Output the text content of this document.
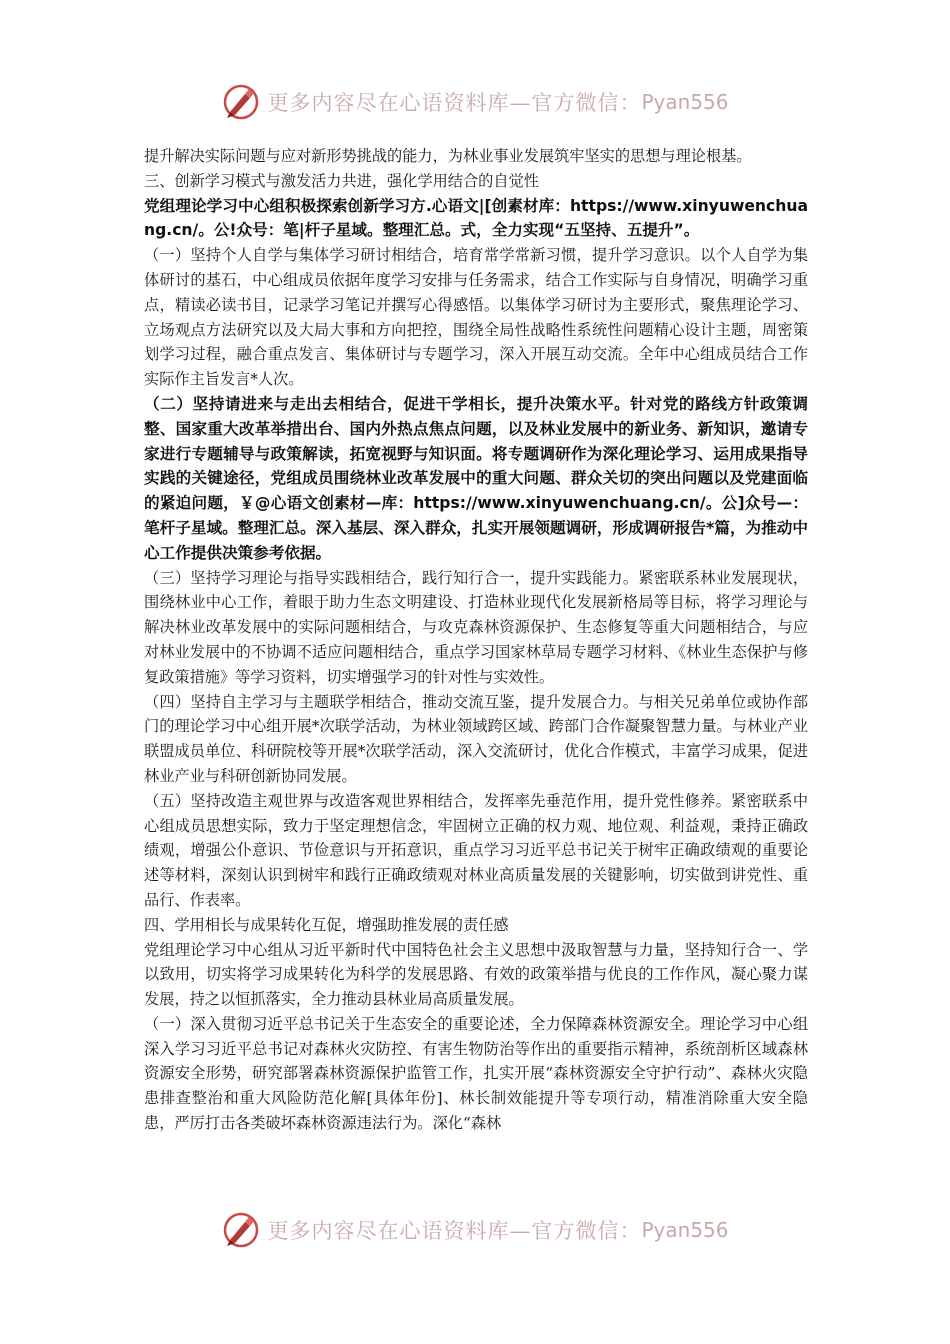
更多内容尽在心语资料库—官方微信： Pyan556

提升解决实际问题与应对新形势挑战的能力，为林业事业发展筑牢坚实的思想与理论根基。

三、创新学习模式与激发活力共进，强化学用结合的自觉性

党组理论学习中心组积极探索创新学习方.心语文|[创素材库：https://www.xinyuwenchuang.cn/。公!众号：笔|杆子星域。整理汇总。式，全力实现“五坚持、五提升”。

（一）坚持个人自学与集体学习研讨相结合，培育常学常新习惯，提升学习意识。以个人自学为集体研讨的基石，中心组成员依据年度学习安排与任务需求，结合工作实际与自身情况，明确学习重点，精读必读书目，记录学习笔记并撰写心得感悟。以集体学习研讨为主要形式，聚焦理论学习、立场观点方法研究以及大局大事和方向把控，围绕全局性战略性系统性问题精心设计主题，周密策划学习过程，融合重点发言、集体研讨与专题学习，深入开展互动交流。全年中心组成员结合工作实际作主旨发言*人次。

（二）坚持请进来与走出去相结合，促进干学相长，提升决策水平。针对党的路线方针政策调整、国家重大改革举措出台、国内外热点焦点问题，以及林业发展中的新业务、新知识，邀请专家进行专题辅导与政策解读，拓宽视野与知识面。将专题调研作为深化理论学习、运用成果指导实践的关键途径，党组成员围绕林业改革发展中的重大问题、群众关切的突出问题以及党建面临的紧迫问题，￥@心语文创素材—库：https://www.xinyuwenchuang.cn/。公]众号—：笔杆子星域。整理汇总。深入基层、深入群众，扎实开展领题调研，形成调研报告*篇，为推动中心工作提供决策参考依据。

（三）坚持学习理论与指导实践相结合，践行知行合一，提升实践能力。紧密联系林业发展现状，围绕林业中心工作，着眼于助力生态文明建设、打造林业现代化发展新格局等目标，将学习理论与解决林业改革发展中的实际问题相结合，与攻克森林资源保护、生态修复等重大问题相结合，与应对林业发展中的不协调不适应问题相结合，重点学习国家林草局专题学习材料、《林业生态保护与修复政策措施》等学习资料，切实增强学习的针对性与实效性。

（四）坚持自主学习与主题联学相结合，推动交流互鉴，提升发展合力。与相关兄弟单位或协作部门的理论学习中心组开展*次联学活动，为林业领域跨区域、跨部门合作凝聚智慧力量。与林业产业联盟成员单位、科研院校等开展*次联学活动，深入交流研讨，优化合作模式，丰富学习成果，促进林业产业与科研创新协同发展。

（五）坚持改造主观世界与改造客观世界相结合，发挥率先垂范作用，提升党性修养。紧密联系中心组成员思想实际，致力于坚定理想信念，牢固树立正确的权力观、地位观、利益观，秉持正确政绩观，增强公仆意识、节俭意识与开拓意识，重点学习习近平总书记关于树牢正确政绩观的重要论述等材料，深刻认识到树牢和践行正确政绩观对林业高质量发展的关键影响，切实做到讲党性、重品行、作表率。

四、学用相长与成果转化互促，增强助推发展的责任感

党组理论学习中心组从习近平新时代中国特色社会主义思想中汲取智慧与力量，坚持知行合一、学以致用，切实将学习成果转化为科学的发展思路、有效的政策举措与优良的工作作风，凝心聚力谋发展，持之以恒抓落实，全力推动县林业局高质量发展。

（一）深入贯彻习近平总书记关于生态安全的重要论述，全力保障森林资源安全。理论学习中心组深入学习习近平总书记对森林火灾防控、有害生物防治等作出的重要指示精神，系统剖析区域森林资源安全形势，研究部署森林资源保护监管工作，扎实开展“森林资源安全守护行动”、森林火灾隐患排查整治和重大风险防范化解[具体年份]、林长制效能提升等专项行动，精准消除重大安全隐患，严厉打击各类破坏森林资源违法行为。深化“森林

更多内容尽在心语资料库—官方微信： Pyan556
